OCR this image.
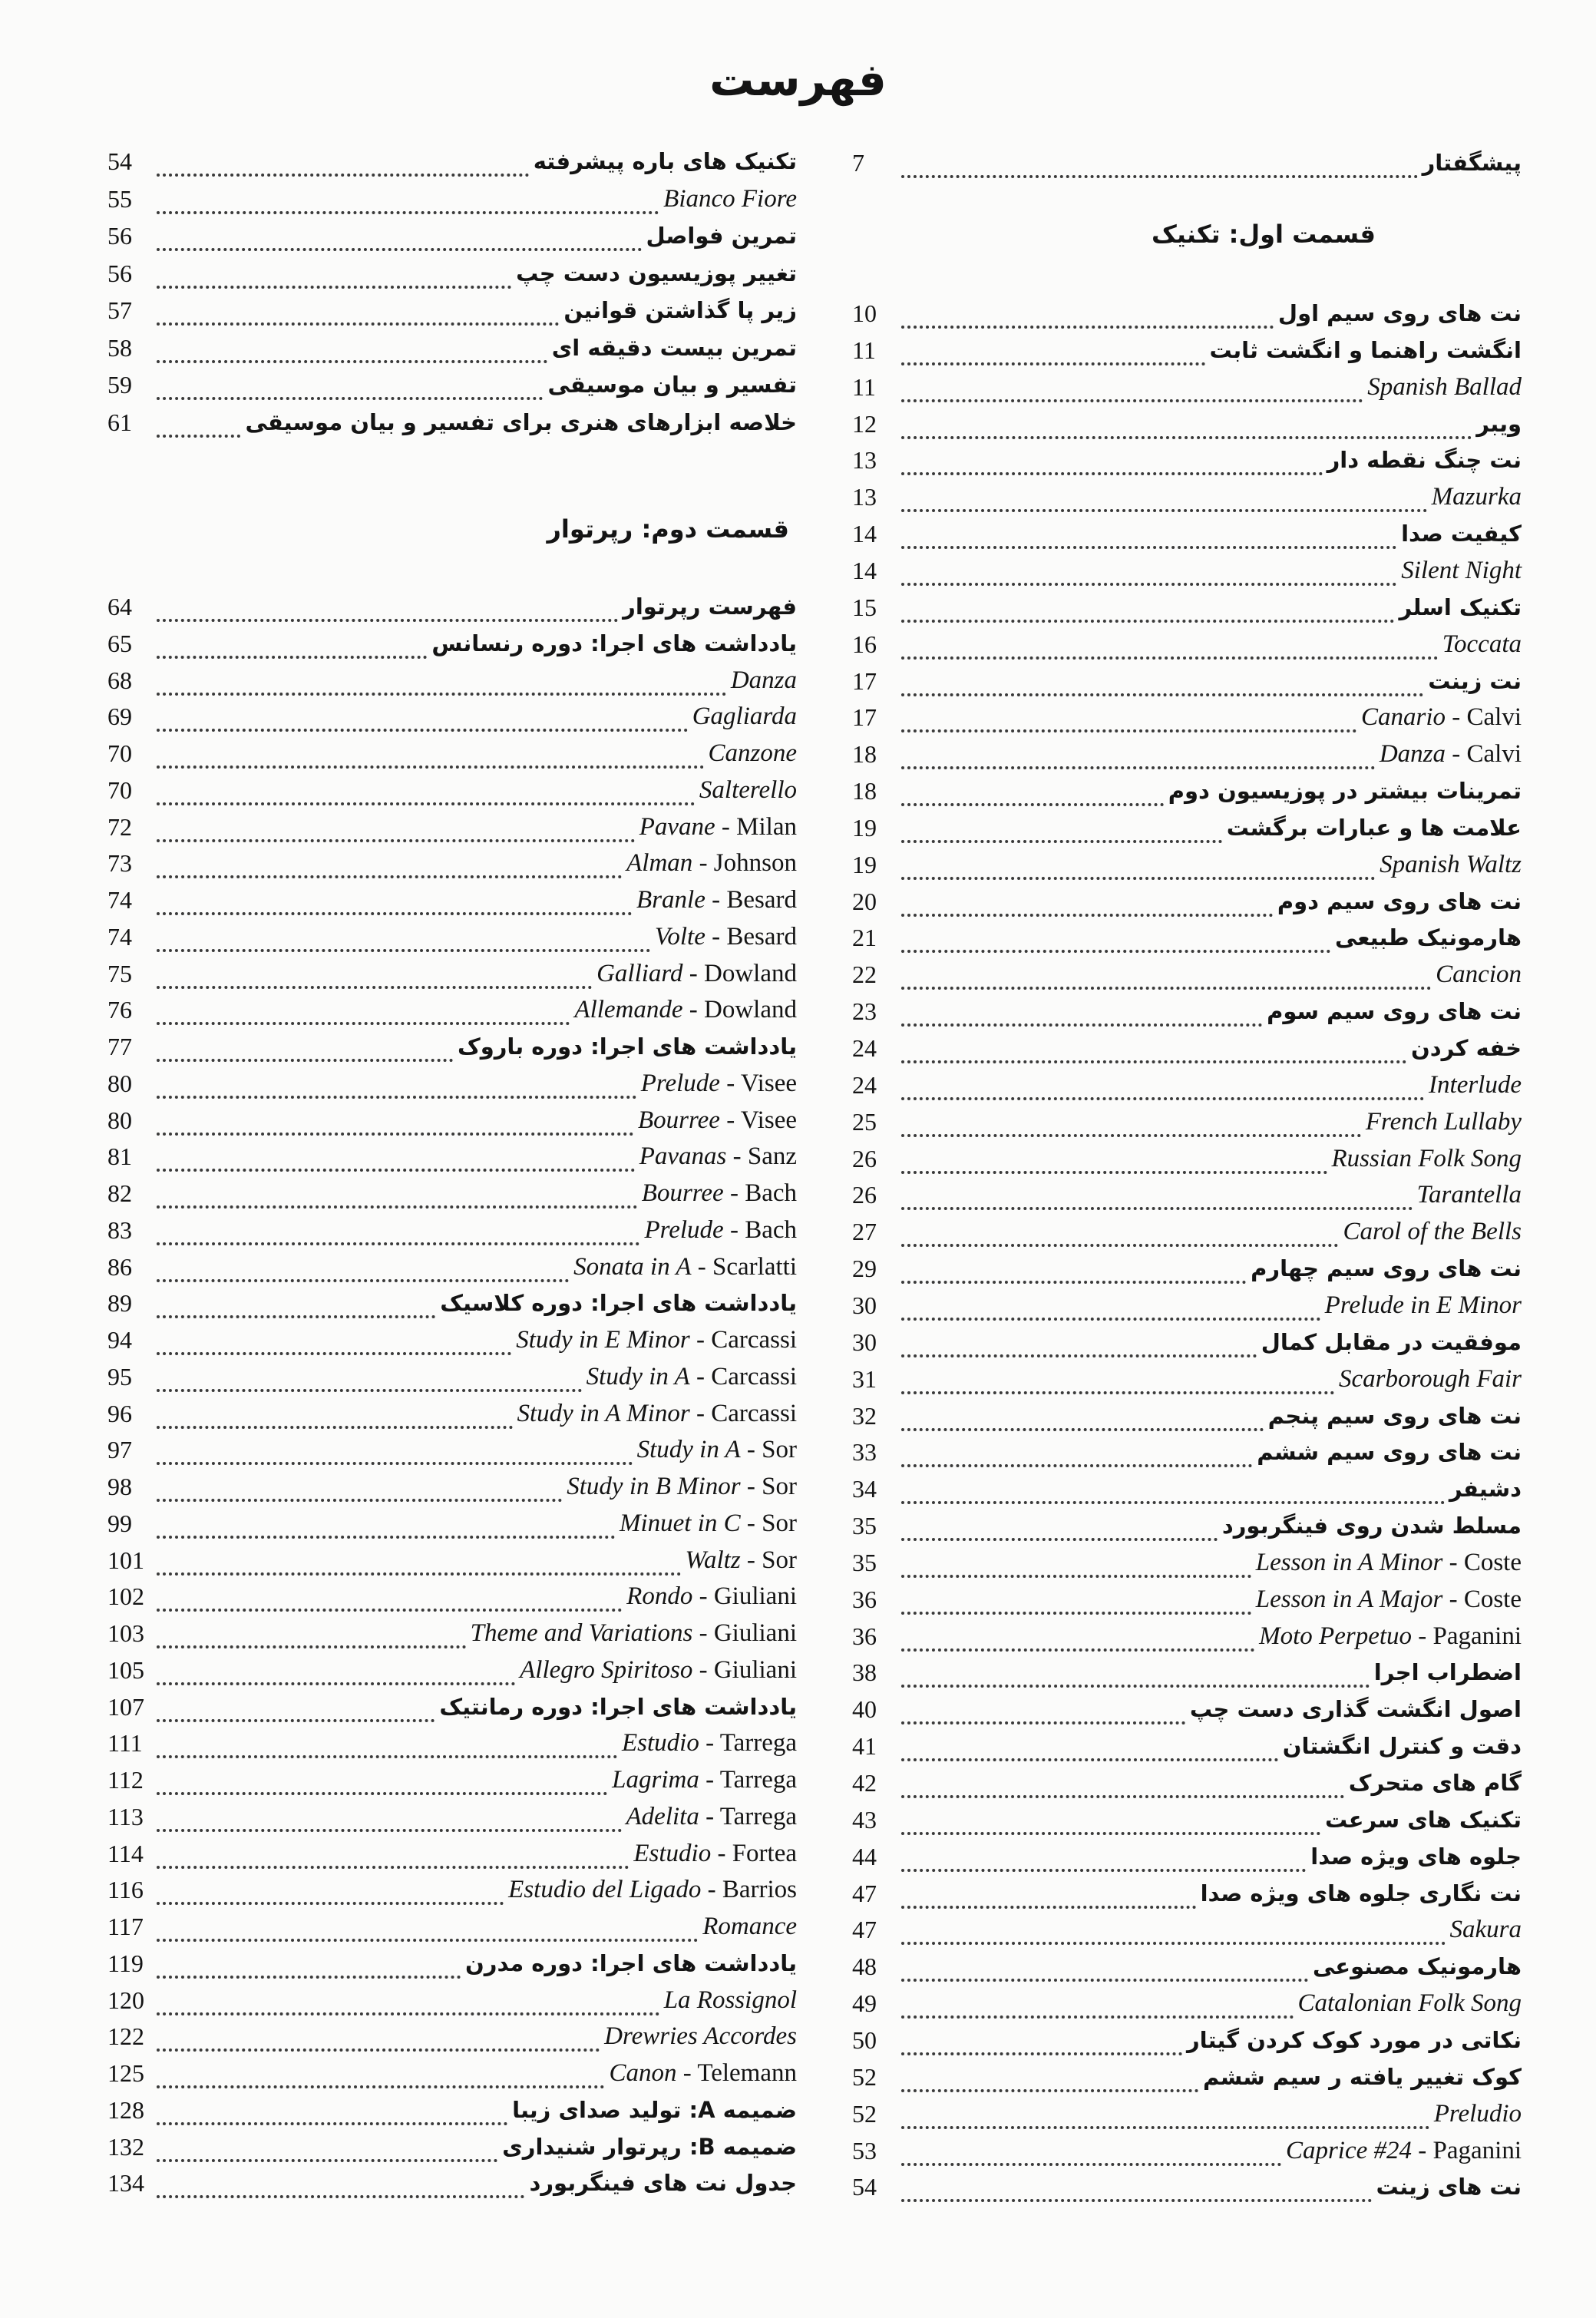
فهرست
7	پیشگفتار
قسمت اول: تکنیک
10	نت های روی سیم اول
11	انگشت راهنما و انگشت ثابت
11	Spanish Ballad
12	ویبر
13	نت چنگ نقطه دار
13	Mazurka
14	کیفیت صدا
14	Silent Night
15	تکنیک اسلر
16	Toccata
17	نت زینت
17	Canario - Calvi
18	Danza - Calvi
18	تمرینات بیشتر در پوزیسیون دوم
19	علامت ها و عبارات برگشت
19	Spanish Waltz
20	نت های روی سیم دوم
21	هارمونیک طبیعی
22	Cancion
23	نت های روی سیم سوم
24	خفه کردن
24	Interlude
25	French Lullaby
26	Russian Folk Song
26	Tarantella
27	Carol of the Bells
29	نت های روی سیم چهارم
30	Prelude in E Minor
30	موفقیت در مقابل کمال
31	Scarborough Fair
32	نت های روی سیم پنجم
33	نت های روی سیم ششم
34	دشیفر
35	مسلط شدن روی فینگربورد
35	Lesson in A Minor - Coste
36	Lesson in A Major - Coste
36	Moto Perpetuo - Paganini
38	اضطراب اجرا
40	اصول انگشت گذاری دست چپ
41	دقت و کنترل انگشتان
42	گام های متحرک
43	تکنیک های سرعت
44	جلوه های ویژه صدا
47	نت نگاری جلوه های ویژه صدا
47	Sakura
48	هارمونیک مصنوعی
49	Catalonian Folk Song
50	نکاتی در مورد کوک کردن گیتار
52	کوک تغییر یافته ر سیم ششم
52	Preludio
53	Caprice #24 - Paganini
54	نت های زینت
54	تکنیک های باره پیشرفته
55	Bianco Fiore
56	تمرین فواصل
56	تغییر پوزیسیون دست چپ
57	زیر پا گذاشتن قوانین
58	تمرین بیست دقیقه ای
59	تفسیر و بیان موسیقی
61	خلاصه ابزارهای هنری برای تفسیر و بیان موسیقی
قسمت دوم: رپرتوار
64	فهرست رپرتوار
65	یادداشت های اجرا: دوره رنسانس
68	Danza
69	Gagliarda
70	Canzone
70	Salterello
72	Pavane - Milan
73	Alman - Johnson
74	Branle - Besard
74	Volte - Besard
75	Galliard - Dowland
76	Allemande - Dowland
77	یادداشت های اجرا: دوره باروک
80	Prelude - Visee
80	Bourree - Visee
81	Pavanas - Sanz
82	Bourree - Bach
83	Prelude - Bach
86	Sonata in A - Scarlatti
89	یادداشت های اجرا: دوره کلاسیک
94	Study in E Minor - Carcassi
95	Study in A - Carcassi
96	Study in A Minor - Carcassi
97	Study in A - Sor
98	Study in B Minor - Sor
99	Minuet in C - Sor
101	Waltz - Sor
102	Rondo - Giuliani
103	Theme and Variations - Giuliani
105	Allegro Spiritoso - Giuliani
107	یادداشت های اجرا: دوره رمانتیک
111	Estudio - Tarrega
112	Lagrima - Tarrega
113	Adelita - Tarrega
114	Estudio - Fortea
116	Estudio del Ligado - Barrios
117	Romance
119	یادداشت های اجرا: دوره مدرن
120	La Rossignol
122	Drewries Accordes
125	Canon - Telemann
128	ضمیمه A: تولید صدای زیبا
132	ضمیمه B: رپرتوار شنیداری
134	جدول نت های فینگربورد
